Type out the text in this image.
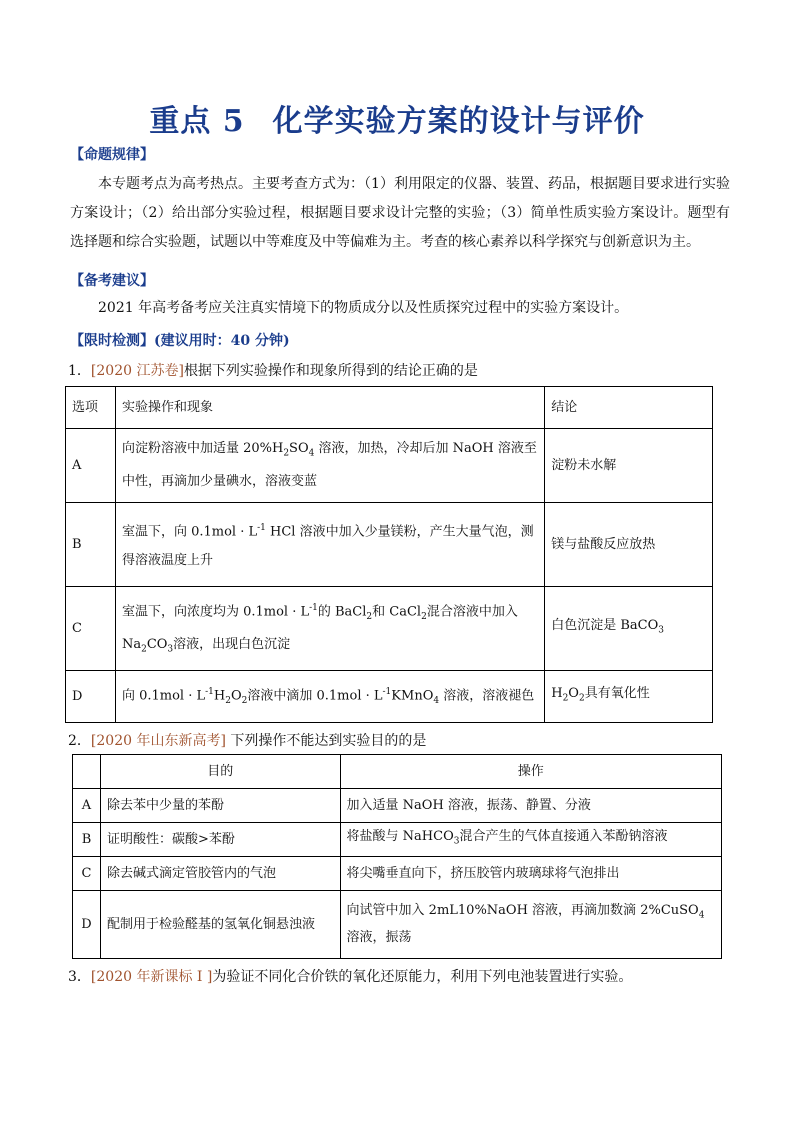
重点 5 化学实验方案的设计与评价
【命题规律】
本专题考点为高考热点。主要考查方式为：（1）利用限定的仪器、装置、药品，根据题目要求进行实验方案设计；（2）给出部分实验过程，根据题目要求设计完整的实验；（3）简单性质实验方案设计。题型有选择题和综合实验题，试题以中等难度及中等偏难为主。考查的核心素养以科学探究与创新意识为主。
【备考建议】
2021 年高考备考应关注真实情境下的物质成分以及性质探究过程中的实验方案设计。
【限时检测】(建议用时：40 分钟)
1．[2020 江苏卷]根据下列实验操作和现象所得到的结论正确的是
选项	实验操作和现象	结论
A	向淀粉溶液中加适量 $20\%H_2SO_4$ 溶液，加热，冷却后加 NaOH 溶液至中性，再滴加少量碘水，溶液变蓝	淀粉未水解
B	室温下，向 $0.1mol \cdot L^{-1}$ HCl 溶液中加入少量镁粉，产生大量气泡，测得溶液温度上升	镁与盐酸反应放热
C	室温下，向浓度均为 $0.1mol \cdot L^{-1}$的 BaCl$_2$和 CaCl$_2$混合溶液中加入 $Na_2CO_3$溶液，出现白色沉淀	白色沉淀是 BaCO$_3$
D	向 $0.1mol \cdot L^{-1}H_2O_2$溶液中滴加 $0.1mol \cdot L^{-1}KMnO_4$ 溶液，溶液褪色	$H_2O_2$具有氧化性
2．[2020 年山东新高考] 下列操作不能达到实验目的的是
	目的	操作
A	除去苯中少量的苯酚	加入适量 NaOH 溶液，振荡、静置、分液
B	证明酸性：碳酸>苯酚	将盐酸与 NaHCO$_3$混合产生的气体直接通入苯酚钠溶液
C	除去碱式滴定管胶管内的气泡	将尖嘴垂直向下，挤压胶管内玻璃球将气泡排出
D	配制用于检验醛基的氢氧化铜悬浊液	向试管中加入 2mL10%NaOH 溶液，再滴加数滴 2%CuSO$_4$ 溶液，振荡
3．[2020 年新课标 I ]为验证不同化合价铁的氧化还原能力，利用下列电池装置进行实验。
